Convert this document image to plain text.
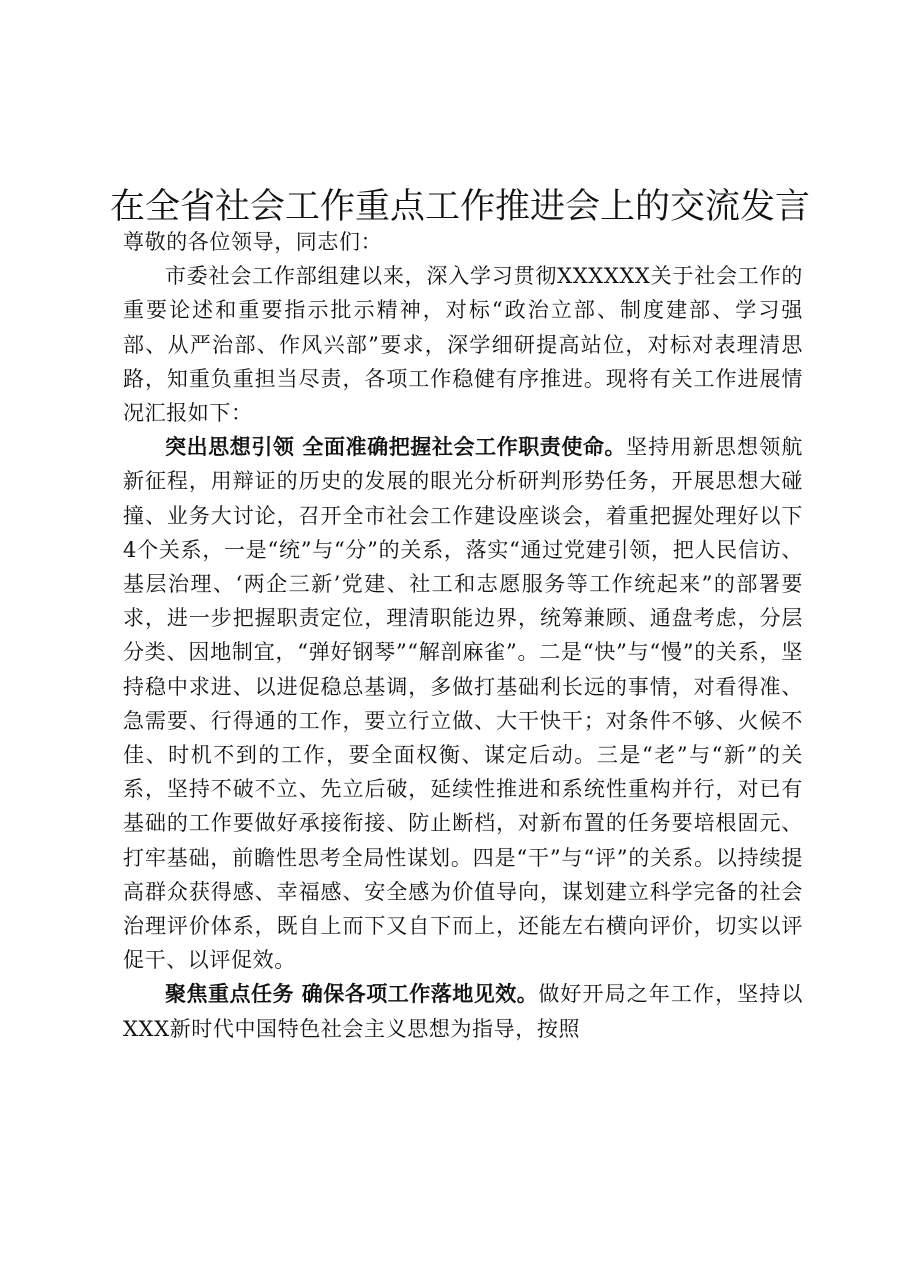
在全省社会工作重点工作推进会上的交流发言

尊敬的各位领导，同志们：

市委社会工作部组建以来，深入学习贯彻XXXXXX关于社会工作的重要论述和重要指示批示精神，对标“政治立部、制度建部、学习强部、从严治部、作风兴部”要求，深学细研提高站位，对标对表理清思路，知重负重担当尽责，各项工作稳健有序推进。现将有关工作进展情况汇报如下：

突出思想引领 全面准确把握社会工作职责使命。坚持用新思想领航新征程，用辩证的历史的发展的眼光分析研判形势任务，开展思想大碰撞、业务大讨论，召开全市社会工作建设座谈会，着重把握处理好以下4个关系，一是“统”与“分”的关系，落实“通过党建引领，把人民信访、基层治理、‘两企三新’党建、社工和志愿服务等工作统起来”的部署要求，进一步把握职责定位，理清职能边界，统筹兼顾、通盘考虑，分层分类、因地制宜，“弹好钢琴”“解剖麻雀”。二是“快”与“慢”的关系，坚持稳中求进、以进促稳总基调，多做打基础利长远的事情，对看得准、急需要、行得通的工作，要立行立做、大干快干；对条件不够、火候不佳、时机不到的工作，要全面权衡、谋定后动。三是“老”与“新”的关系，坚持不破不立、先立后破，延续性推进和系统性重构并行，对已有基础的工作要做好承接衔接、防止断档，对新布置的任务要培根固元、打牢基础，前瞻性思考全局性谋划。四是“干”与“评”的关系。以持续提高群众获得感、幸福感、安全感为价值导向，谋划建立科学完备的社会治理评价体系，既自上而下又自下而上，还能左右横向评价，切实以评促干、以评促效。

聚焦重点任务 确保各项工作落地见效。做好开局之年工作，坚持以XXX新时代中国特色社会主义思想为指导，按照
